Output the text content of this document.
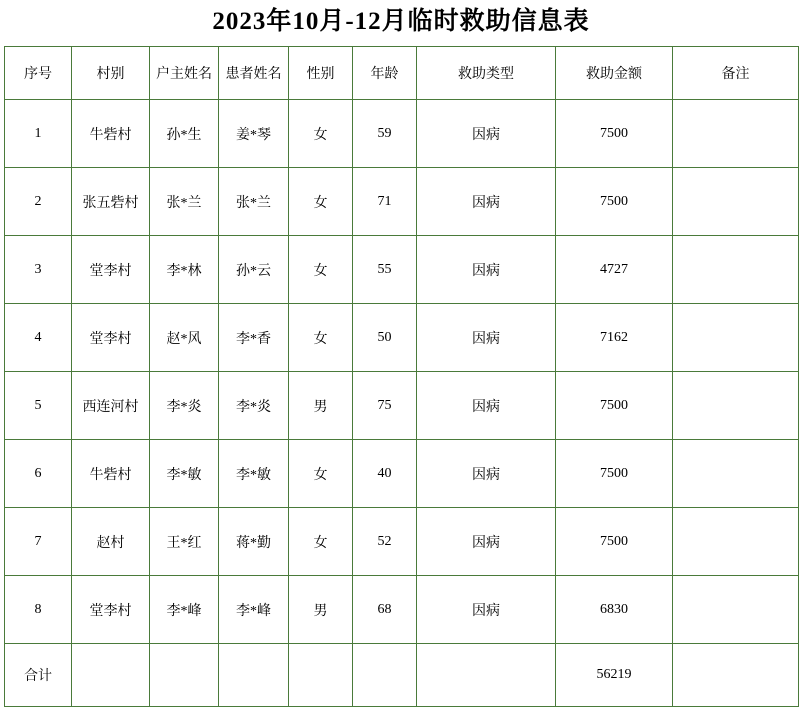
2023年10月-12月临时救助信息表
序号	村别	户主姓名	患者姓名	性别	年龄	救助类型	救助金额	备注
1	牛砦村	孙*生	姜*琴	女	59	因病	7500	
2	张五砦村	张*兰	张*兰	女	71	因病	7500	
3	堂李村	李*林	孙*云	女	55	因病	4727	
4	堂李村	赵*风	李*香	女	50	因病	7162	
5	西连河村	李*炎	李*炎	男	75	因病	7500	
6	牛砦村	李*敏	李*敏	女	40	因病	7500	
7	赵村	王*红	蒋*勤	女	52	因病	7500	
8	堂李村	李*峰	李*峰	男	68	因病	6830	
合计							56219	
